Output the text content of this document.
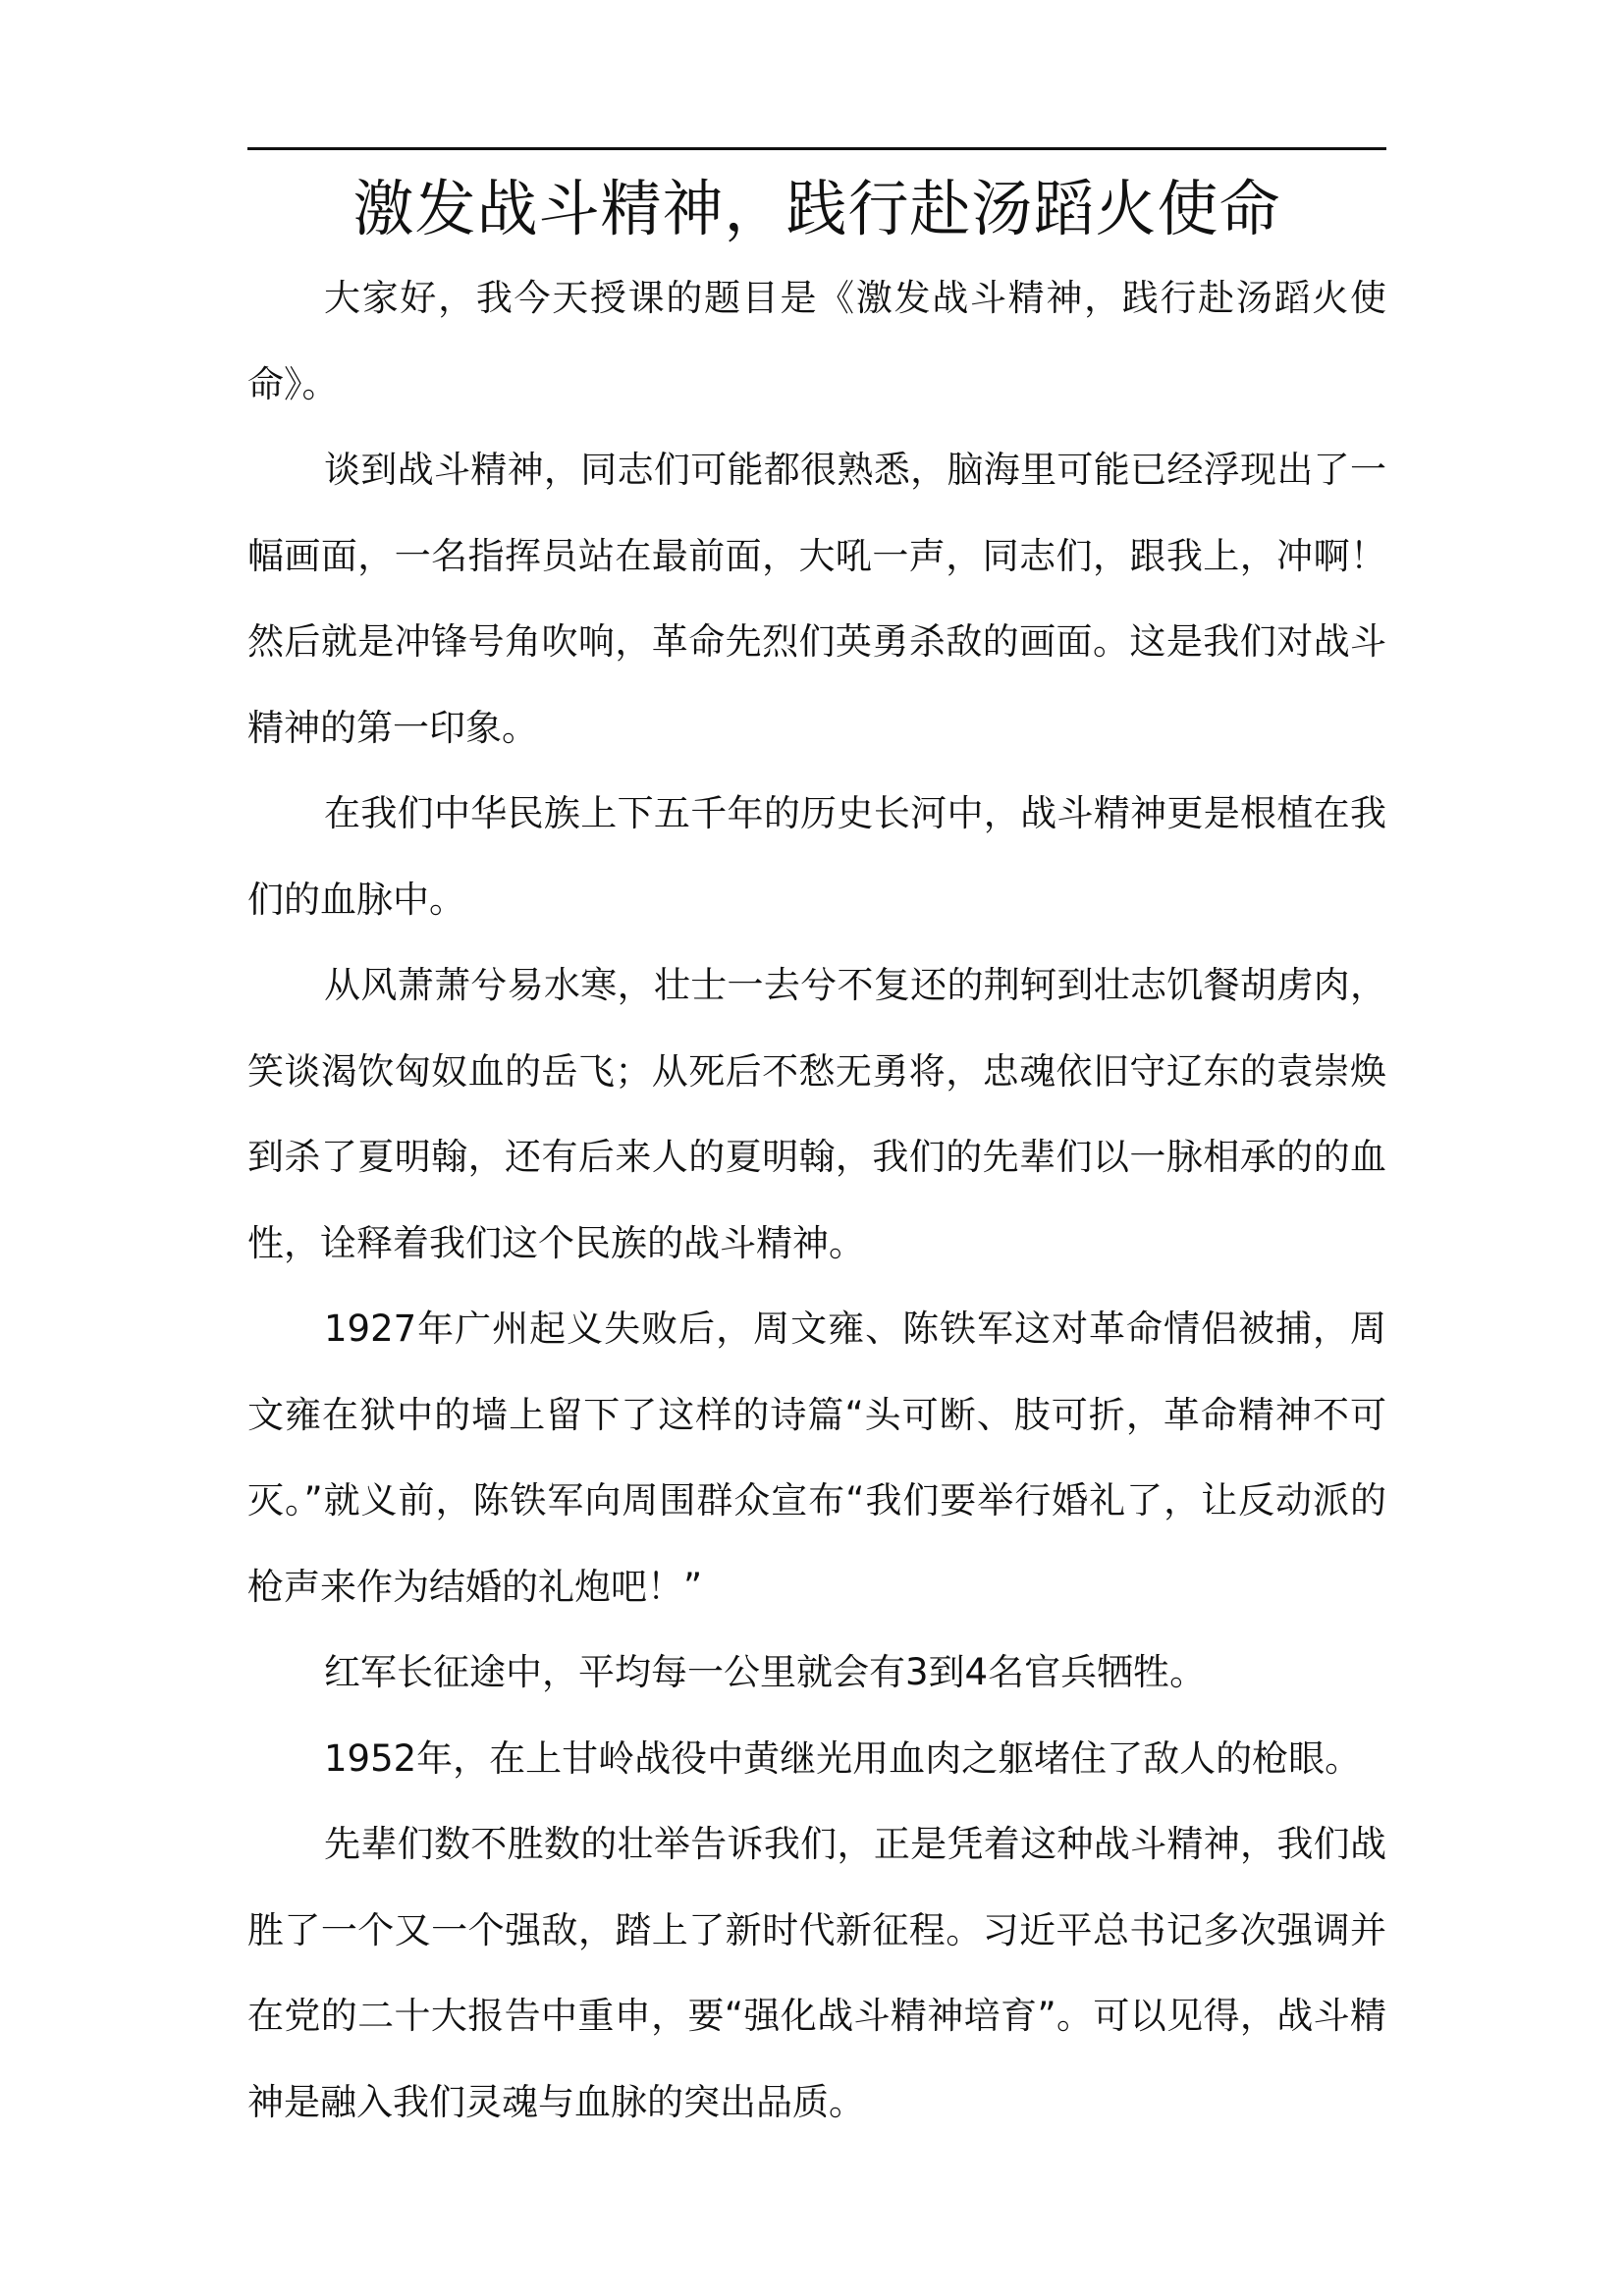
激发战斗精神，践行赴汤蹈火使命

大家好，我今天授课的题目是《激发战斗精神，践行赴汤蹈火使命》。

谈到战斗精神，同志们可能都很熟悉，脑海里可能已经浮现出了一幅画面，一名指挥员站在最前面，大吼一声，同志们，跟我上，冲啊！然后就是冲锋号角吹响，革命先烈们英勇杀敌的画面。这是我们对战斗精神的第一印象。

在我们中华民族上下五千年的历史长河中，战斗精神更是根植在我们的血脉中。

从风萧萧兮易水寒，壮士一去兮不复还的荆轲到壮志饥餐胡虏肉，笑谈渴饮匈奴血的岳飞；从死后不愁无勇将，忠魂依旧守辽东的袁崇焕到杀了夏明翰，还有后来人的夏明翰，我们的先辈们以一脉相承的的血性，诠释着我们这个民族的战斗精神。

1927年广州起义失败后，周文雍、陈铁军这对革命情侣被捕，周文雍在狱中的墙上留下了这样的诗篇“头可断、肢可折，革命精神不可灭。”就义前，陈铁军向周围群众宣布“我们要举行婚礼了，让反动派的枪声来作为结婚的礼炮吧！”

红军长征途中，平均每一公里就会有3到4名官兵牺牲。

1952年，在上甘岭战役中黄继光用血肉之躯堵住了敌人的枪眼。

先辈们数不胜数的壮举告诉我们，正是凭着这种战斗精神，我们战胜了一个又一个强敌，踏上了新时代新征程。习近平总书记多次强调并在党的二十大报告中重申，要“强化战斗精神培育”。可以见得，战斗精神是融入我们灵魂与血脉的突出品质。
